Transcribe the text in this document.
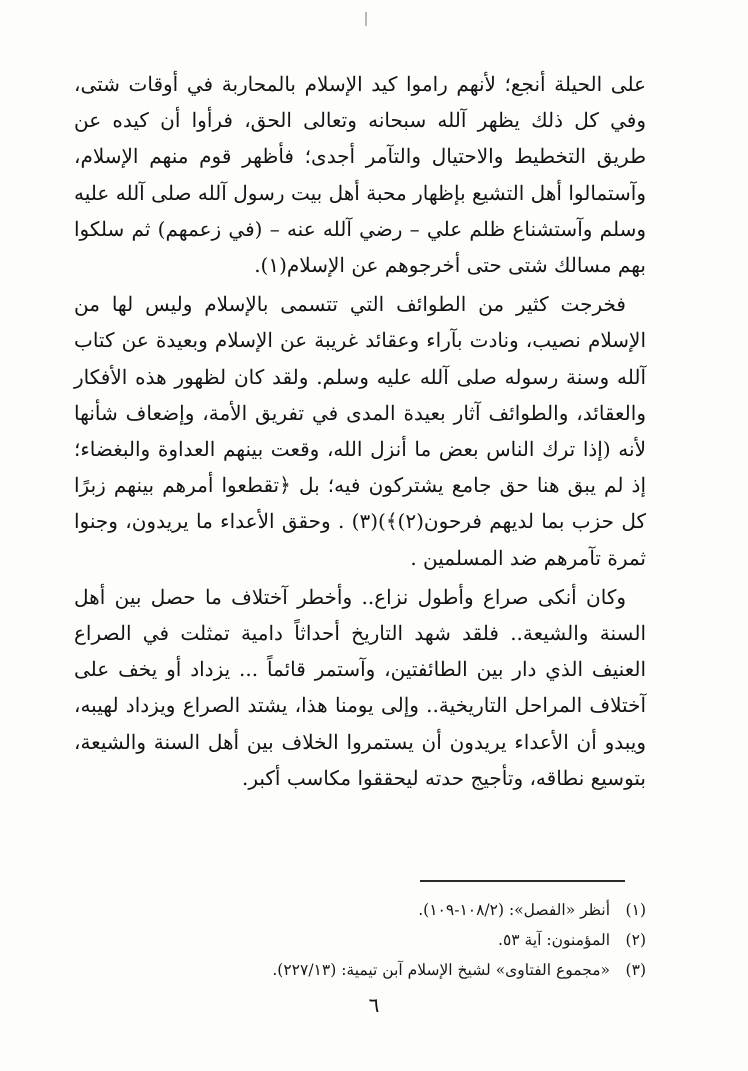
على الحيلة أنجع؛ لأنهم راموا كيد الإسلام بالمحاربة في أوقات شتى، وفي كل ذلك يظهر آلله سبحانه وتعالى الحق، فرأوا أن كيده عن طريق التخطيط والاحتيال والتآمر أجدى؛ فأظهر قوم منهم الإسلام، وآستمالوا أهل التشيع بإظهار محبة أهل بيت رسول آلله صلى آلله عليه وسلم وآستشناع ظلم علي – رضي آلله عنه – (في زعمهم) ثم سلكوا بهم مسالك شتى حتى أخرجوهم عن الإسلام(١).

فخرجت كثير من الطوائف التي تتسمى بالإسلام وليس لها من الإسلام نصيب، ونادت بآراء وعقائد غريبة عن الإسلام وبعيدة عن كتاب آلله وسنة رسوله صلى آلله عليه وسلم. ولقد كان لظهور هذه الأفكار والعقائد، والطوائف آثار بعيدة المدى في تفريق الأمة، وإضعاف شأنها لأنه (إذا ترك الناس بعض ما أنزل الله، وقعت بينهم العداوة والبغضاء؛ إذ لم يبق هنا حق جامع يشتركون فيه؛ بل ﴿تقطعوا أمرهم بينهم زبرًا كل حزب بما لديهم فرحون(٢)﴾)(٣) . وحقق الأعداء ما يريدون، وجنوا ثمرة تآمرهم ضد المسلمين .

وكان أنكى صراع وأطول نزاع.. وأخطر آختلاف ما حصل بين أهل السنة والشيعة.. فلقد شهد التاريخ أحداثاً دامية تمثلت في الصراع العنيف الذي دار بين الطائفتين، وآستمر قائماً ... يزداد أو يخف على آختلاف المراحل التاريخية.. وإلى يومنا هذا، يشتد الصراع ويزداد لهيبه، ويبدو أن الأعداء يريدون أن يستمروا الخلاف بين أهل السنة والشيعة، بتوسيع نطاقه، وتأجيج حدته ليحققوا مكاسب أكبر.

(١)أنظر «الفصل»: (١٠٨/٢-١٠٩).
(٢)المؤمنون: آية ٥٣.
(٣)«مجموع الفتاوى» لشيخ الإسلام آبن تيمية: (٢٢٧/١٣).
٦
